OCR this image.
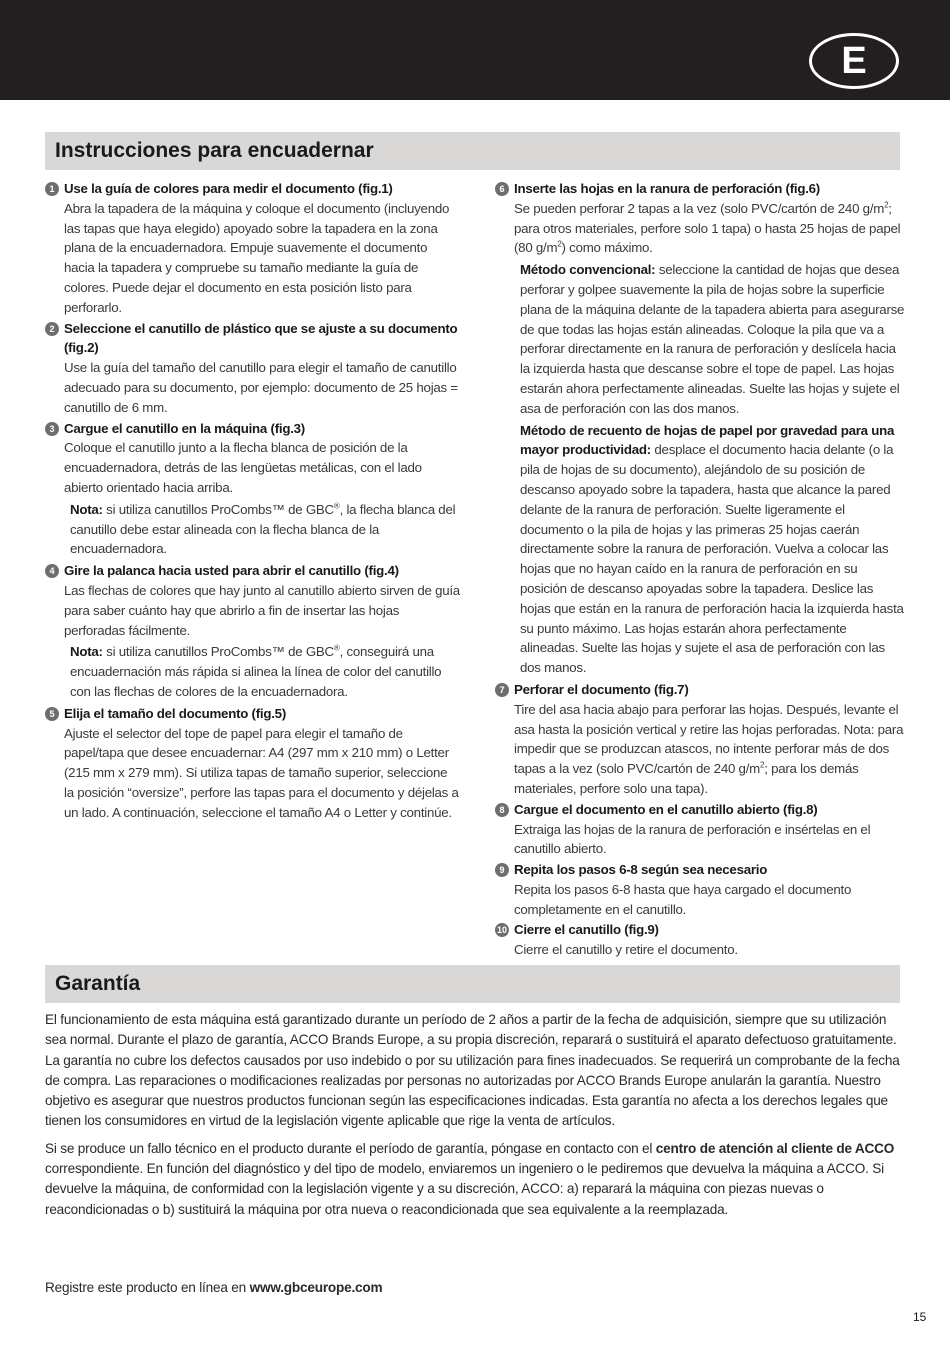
E
Instrucciones para encuadernar
1 Use la guía de colores para medir el documento (fig.1)
Abra la tapadera de la máquina y coloque el documento (incluyendo las tapas que haya elegido) apoyado sobre la tapadera en la zona plana de la encuadernadora. Empuje suavemente el documento hacia la tapadera y compruebe su tamaño mediante la guía de colores. Puede dejar el documento en esta posición listo para perforarlo.
2 Seleccione el canutillo de plástico que se ajuste a su documento (fig.2)
Use la guía del tamaño del canutillo para elegir el tamaño de canutillo adecuado para su documento, por ejemplo: documento de 25 hojas = canutillo de 6 mm.
3 Cargue el canutillo en la máquina (fig.3)
Coloque el canutillo junto a la flecha blanca de posición de la encuadernadora, detrás de las lengüetas metálicas, con el lado abierto orientado hacia arriba.
Nota: si utiliza canutillos ProCombs™ de GBC®, la flecha blanca del canutillo debe estar alineada con la flecha blanca de la encuadernadora.
4 Gire la palanca hacia usted para abrir el canutillo (fig.4)
Las flechas de colores que hay junto al canutillo abierto sirven de guía para saber cuánto hay que abrirlo a fin de insertar las hojas perforadas fácilmente.
Nota: si utiliza canutillos ProCombs™ de GBC®, conseguirá una encuadernación más rápida si alinea la línea de color del canutillo con las flechas de colores de la encuadernadora.
5 Elija el tamaño del documento (fig.5)
Ajuste el selector del tope de papel para elegir el tamaño de papel/tapa que desee encuadernar: A4 (297 mm x 210 mm) o Letter (215 mm x 279 mm). Si utiliza tapas de tamaño superior, seleccione la posición “oversize”, perfore las tapas para el documento y déjelas a un lado. A continuación, seleccione el tamaño A4 o Letter y continúe.
6 Inserte las hojas en la ranura de perforación (fig.6)
Se pueden perforar 2 tapas a la vez (solo PVC/cartón de 240 $g/m^2$; para otros materiales, perfore solo 1 tapa) o hasta 25 hojas de papel (80 $g/m^2$) como máximo.
Método convencional: seleccione la cantidad de hojas que desea perforar y golpee suavemente la pila de hojas sobre la superficie plana de la máquina delante de la tapadera abierta para asegurarse de que todas las hojas están alineadas. Coloque la pila que va a perforar directamente en la ranura de perforación y deslícela hacia la izquierda hasta que descanse sobre el tope de papel. Las hojas estarán ahora perfectamente alineadas. Suelte las hojas y sujete el asa de perforación con las dos manos.
Método de recuento de hojas de papel por gravedad para una mayor productividad: desplace el documento hacia delante (o la pila de hojas de su documento), alejándolo de su posición de descanso apoyado sobre la tapadera, hasta que alcance la pared delante de la ranura de perforación. Suelte ligeramente el documento o la pila de hojas y las primeras 25 hojas caerán directamente sobre la ranura de perforación. Vuelva a colocar las hojas que no hayan caído en la ranura de perforación en su posición de descanso apoyadas sobre la tapadera. Deslice las hojas que están en la ranura de perforación hacia la izquierda hasta su punto máximo. Las hojas estarán ahora perfectamente alineadas. Suelte las hojas y sujete el asa de perforación con las dos manos.
7 Perforar el documento (fig.7)
Tire del asa hacia abajo para perforar las hojas. Después, levante el asa hasta la posición vertical y retire las hojas perforadas. Nota: para impedir que se produzcan atascos, no intente perforar más de dos tapas a la vez (solo PVC/cartón de 240 $g/m^2$; para los demás materiales, perfore solo una tapa).
8 Cargue el documento en el canutillo abierto (fig.8)
Extraiga las hojas de la ranura de perforación e insértelas en el canutillo abierto.
9 Repita los pasos 6-8 según sea necesario
Repita los pasos 6-8 hasta que haya cargado el documento completamente en el canutillo.
10 Cierre el canutillo (fig.9)
Cierre el canutillo y retire el documento.
Garantía

El funcionamiento de esta máquina está garantizado durante un período de 2 años a partir de la fecha de adquisición, siempre que su utilización sea normal. Durante el plazo de garantía, ACCO Brands Europe, a su propia discreción, reparará o sustituirá el aparato defectuoso gratuitamente. La garantía no cubre los defectos causados por uso indebido o por su utilización para fines inadecuados. Se requerirá un comprobante de la fecha de compra. Las reparaciones o modificaciones realizadas por personas no autorizadas por ACCO Brands Europe anularán la garantía. Nuestro objetivo es asegurar que nuestros productos funcionan según las especificaciones indicadas. Esta garantía no afecta a los derechos legales que tienen los consumidores en virtud de la legislación vigente aplicable que rige la venta de artículos.

Si se produce un fallo técnico en el producto durante el período de garantía, póngase en contacto con el centro de atención al cliente de ACCO correspondiente. En función del diagnóstico y del tipo de modelo, enviaremos un ingeniero o le pediremos que devuelva la máquina a ACCO. Si devuelve la máquina, de conformidad con la legislación vigente y a su discreción, ACCO: a) reparará la máquina con piezas nuevas o reacondicionadas o b) sustituirá la máquina por otra nueva o reacondicionada que sea equivalente a la reemplazada.

Registre este producto en línea en www.gbceurope.com
15
